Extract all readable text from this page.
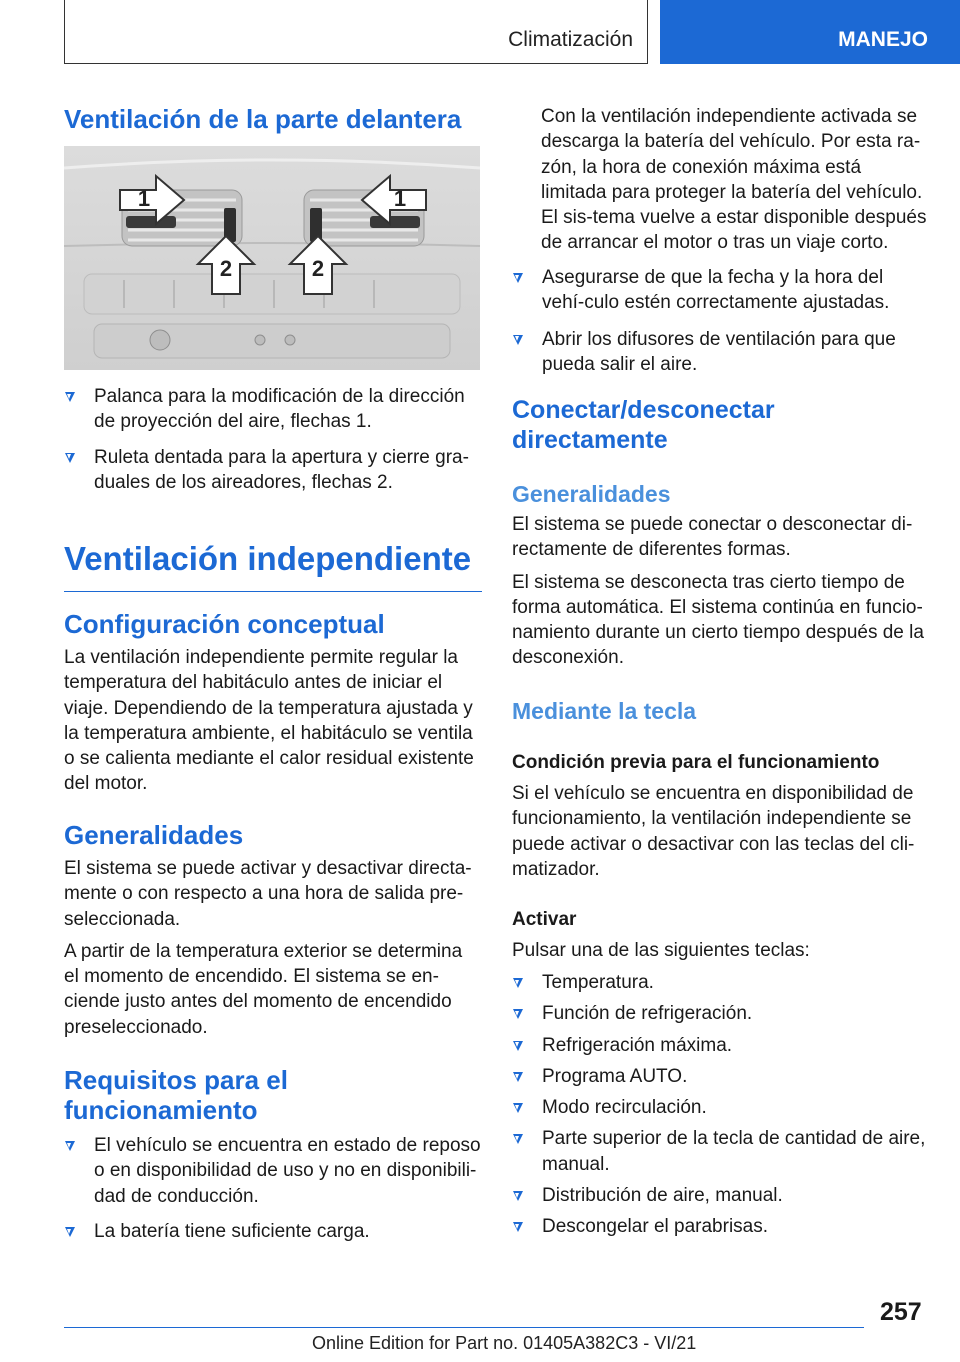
Climatización	MANEJO
Ventilación de la parte delantera
Palanca para la modificación de la dirección de proyección del aire, flechas 1.
Ruleta dentada para la apertura y cierre gra‐duales de los aireadores, flechas 2.
Ventilación independiente
Configuración conceptual

La ventilación independiente permite regular la temperatura del habitáculo antes de iniciar el viaje. Dependiendo de la temperatura ajustada y la temperatura ambiente, el habitáculo se ventila o se calienta mediante el calor residual existente del motor.

Generalidades

El sistema se puede activar y desactivar directa‐mente o con respecto a una hora de salida pre‐seleccionada.

A partir de la temperatura exterior se determina el momento de encendido. El sistema se en‐ciende justo antes del momento de encendido preseleccionado.

Requisitos para el funcionamiento
El vehículo se encuentra en estado de reposo o en disponibilidad de uso y no en disponibili‐dad de conducción.
La batería tiene suficiente carga.
1	1
2	2

Con la ventilación independiente activada se descarga la batería del vehículo. Por esta ra‐zón, la hora de conexión máxima está limitada para proteger la batería del vehículo. El sis‐tema vuelve a estar disponible después de arrancar el motor o tras un viaje corto.

Asegurarse de que la fecha y la hora del vehí‐culo estén correctamente ajustadas.
Abrir los difusores de ventilación para que pueda salir el aire.
Conectar/desconectar directamente
Generalidades

El sistema se puede conectar o desconectar di‐rectamente de diferentes formas.

El sistema se desconecta tras cierto tiempo de forma automática. El sistema continúa en funcio‐namiento durante un cierto tiempo después de la desconexión.

Mediante la tecla
Condición previa para el funcionamiento

Si el vehículo se encuentra en disponibilidad de funcionamiento, la ventilación independiente se puede activar o desactivar con las teclas del cli‐matizador.

Activar

Pulsar una de las siguientes teclas:

Temperatura.
Función de refrigeración.
Refrigeración máxima.
Programa AUTO.
Modo recirculación.
Parte superior de la tecla de cantidad de aire, manual.
Distribución de aire, manual.
Descongelar el parabrisas.
257
Online Edition for Part no. 01405A382C3 - VI/21
